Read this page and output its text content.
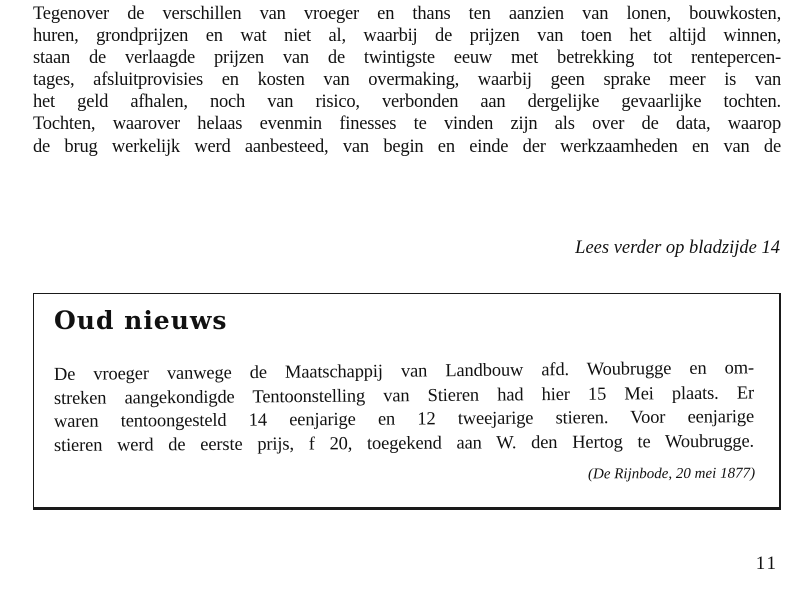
Tegenover de verschillen van vroeger en thans ten aanzien van lonen, bouwkosten,
huren, grondprijzen en wat niet al, waarbij de prijzen van toen het altijd winnen,
staan de verlaagde prijzen van de twintigste eeuw met betrekking tot rentepercen-
tages, afsluitprovisies en kosten van overmaking, waarbij geen sprake meer is van
het geld afhalen, noch van risico, verbonden aan dergelijke gevaarlijke tochten.
Tochten, waarover helaas evenmin finesses te vinden zijn als over de data, waarop
de brug werkelijk werd aanbesteed, van begin en einde der werkzaamheden en van de
Lees verder op bladzijde 14
Oud nieuws
De vroeger vanwege de Maatschappij van Landbouw afd. Woubrugge en om-
streken aangekondigde Tentoonstelling van Stieren had hier 15 Mei plaats. Er
waren tentoongesteld 14 eenjarige en 12 tweejarige stieren. Voor eenjarige
stieren werd de eerste prijs, f 20, toegekend aan W. den Hertog te Woubrugge.
(De Rijnbode, 20 mei 1877)
11
